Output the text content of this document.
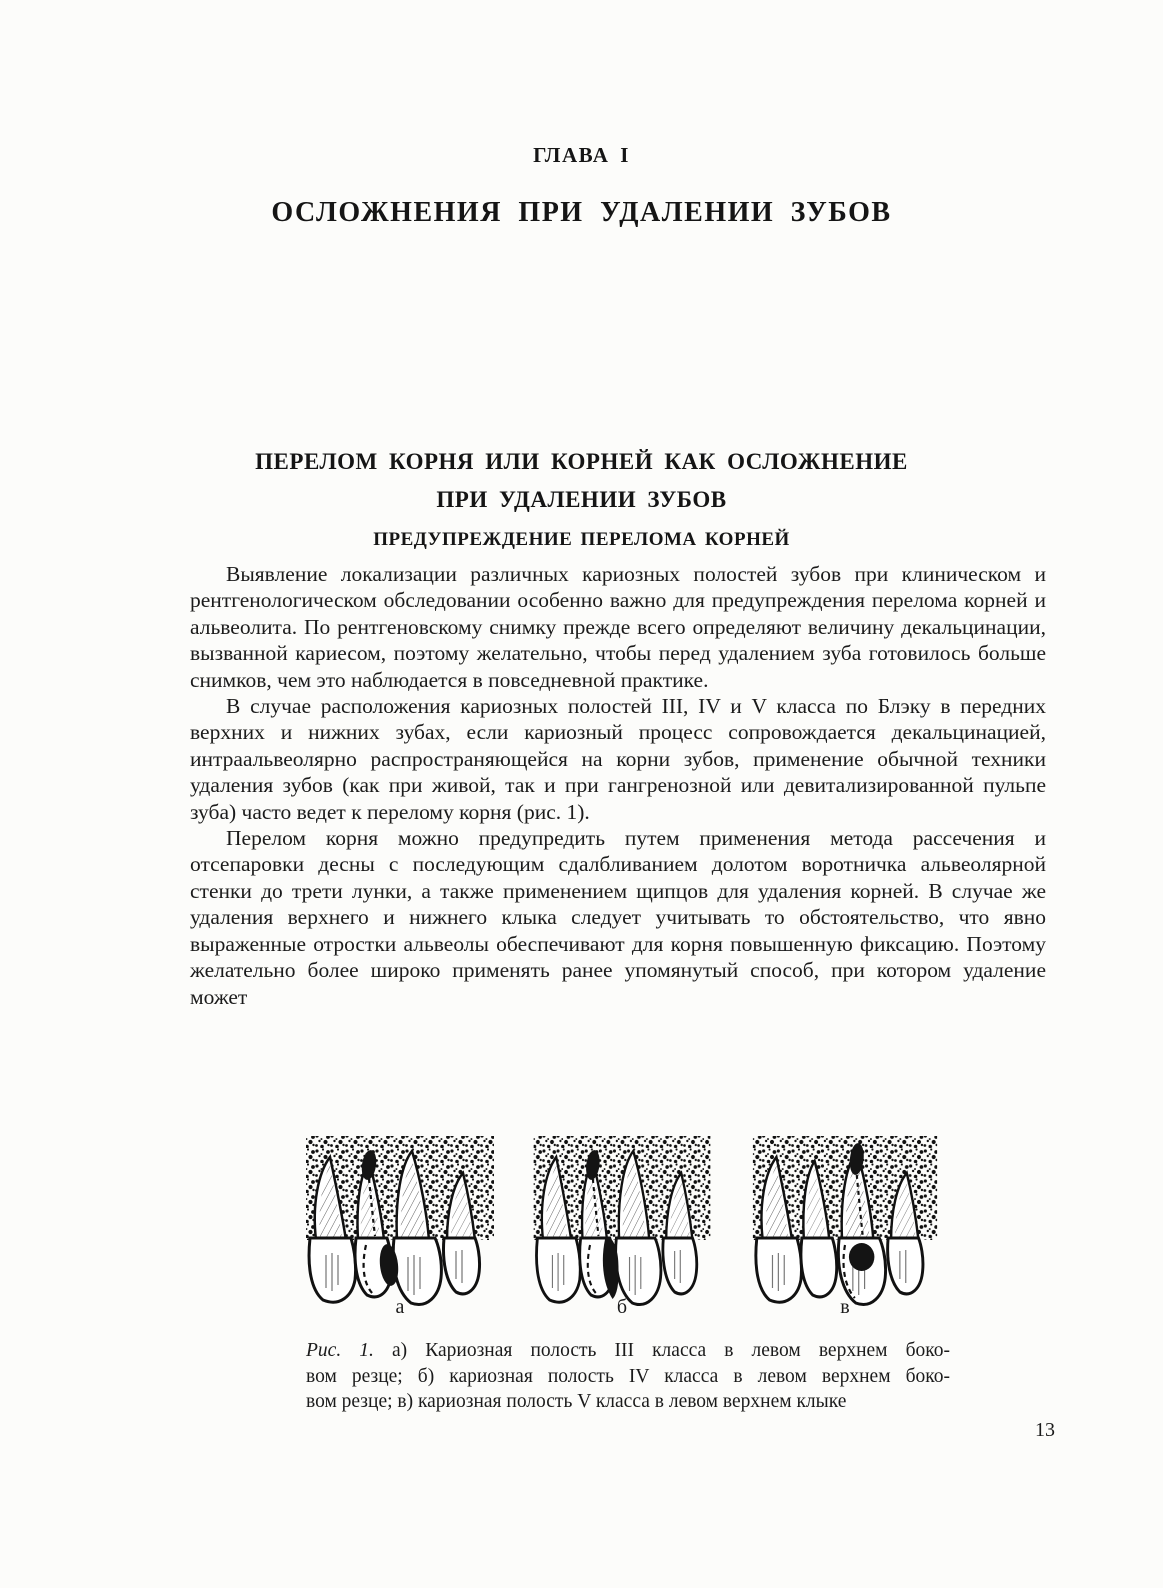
ГЛАВА I
ОСЛОЖНЕНИЯ ПРИ УДАЛЕНИИ ЗУБОВ
ПЕРЕЛОМ КОРНЯ ИЛИ КОРНЕЙ КАК ОСЛОЖНЕНИЕ
ПРИ УДАЛЕНИИ ЗУБОВ
ПРЕДУПРЕЖДЕНИЕ ПЕРЕЛОМА КОРНЕЙ

Выявление локализации различных кариозных полостей зубов при клиническом и рентгенологическом обследовании особенно важно для предупреждения перелома корней и альвеолита. По рентгеновскому снимку прежде всего определяют величину декальцинации, вызванной кариесом, поэтому желательно, чтобы перед удалением зуба готовилось больше снимков, чем это наблюдается в повседневной практике.

В случае расположения кариозных полостей III, IV и V класса по Блэку в передних верхних и нижних зубах, если кариозный процесс сопровождается декальцинацией, интраальвеолярно распространяющейся на корни зубов, применение обычной техники удаления зубов (как при живой, так и при гангренозной или девитализированной пульпе зуба) часто ведет к перелому корня (рис. 1).

Перелом корня можно предупредить путем применения метода рассечения и отсепаровки десны с последующим сдалбливанием долотом воротничка альвеолярной стенки до трети лунки, а также применением щипцов для удаления корней. В случае же удаления верхнего и нижнего клыка следует учитывать то обстоятельство, что явно выраженные отростки альвеолы обеспечивают для корня повышенную фиксацию. Поэтому желательно более широко применять ранее упомянутый способ, при котором удаление может

а	б	в
Рис. 1. а) Кариозная полость III класса в левом верхнем боко-
вом резце; б) кариозная полость IV класса в левом верхнем боко-
вом резце; в) кариозная полость V класса в левом верхнем клыке
13
